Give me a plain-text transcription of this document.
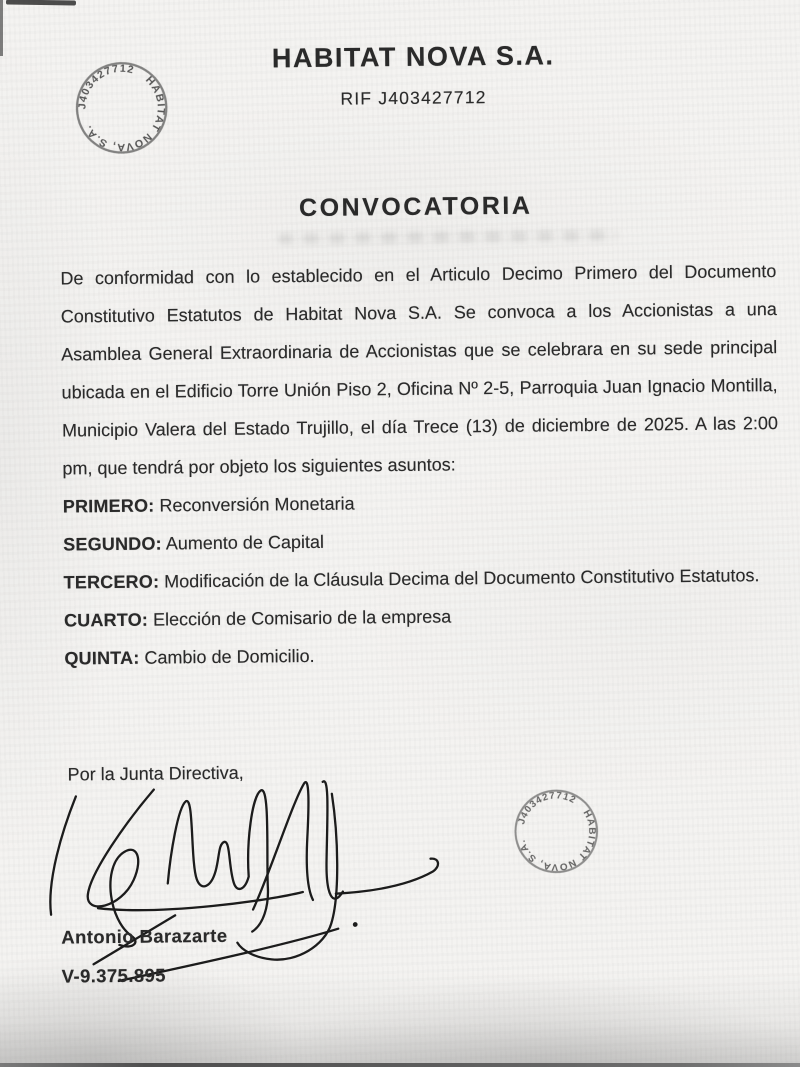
HABITAT NOVA, S.A.
J403427712	HABITAT NOVA S.A.
RIF J403427712
CONVOCATORIA

De conformidad con lo establecido en el Articulo Decimo Primero del Documento Constitutivo Estatutos de Habitat Nova S.A. Se convoca a los Accionistas a una Asamblea General Extraordinaria de Accionistas que se celebrara en su sede principal ubicada en el Edificio Torre Unión Piso 2, Oficina Nº 2-5, Parroquia Juan Ignacio Montilla, Municipio Valera del Estado Trujillo, el día Trece (13) de diciembre de 2025. A las 2:00 pm, que tendrá por objeto los siguientes asuntos:

PRIMERO: Reconversión Monetaria
SEGUNDO: Aumento de Capital
TERCERO: Modificación de la Cláusula Decima del Documento Constitutivo Estatutos.
CUARTO: Elección de Comisario de la empresa
QUINTA: Cambio de Domicilio.
Por la Junta Directiva,
HABITAT NOVA, S.A.
J403427712
Antonio Barazarte
V-9.375.895
